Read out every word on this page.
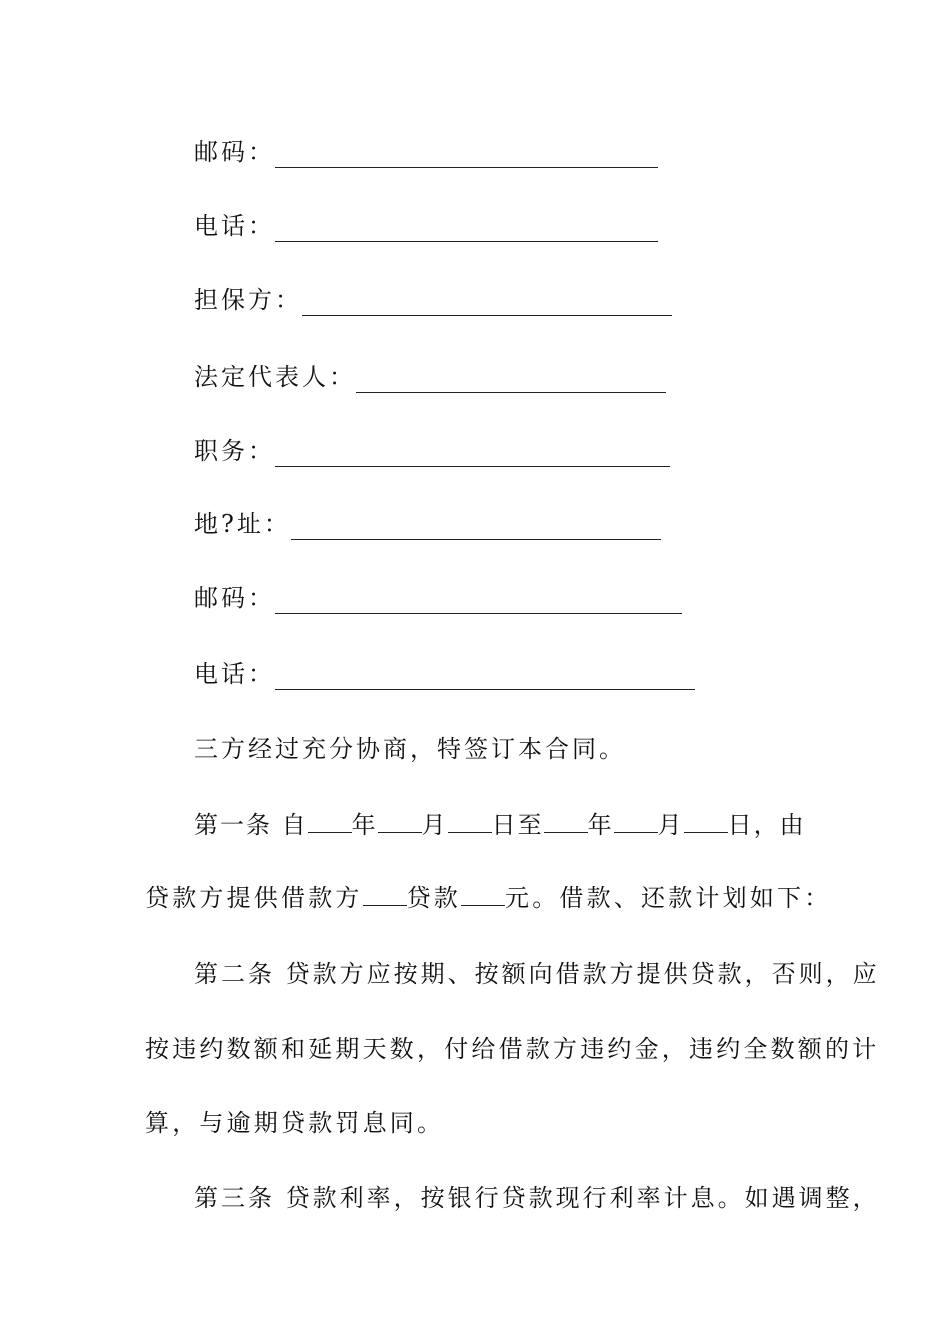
邮码：
电话：
担保方：
法定代表人：
职务：
地?址：
邮码：
电话：
三方经过充分协商，特签订本合同。
第一条 自 年 月 日至 年 月 日，由
贷款方提供借款方 贷款 元。借款、还款计划如下：
第二条 贷款方应按期、按额向借款方提供贷款，否则，应
按违约数额和延期天数，付给借款方违约金，违约全数额的计
算，与逾期贷款罚息同。
第三条 贷款利率，按银行贷款现行利率计息。如遇调整，
